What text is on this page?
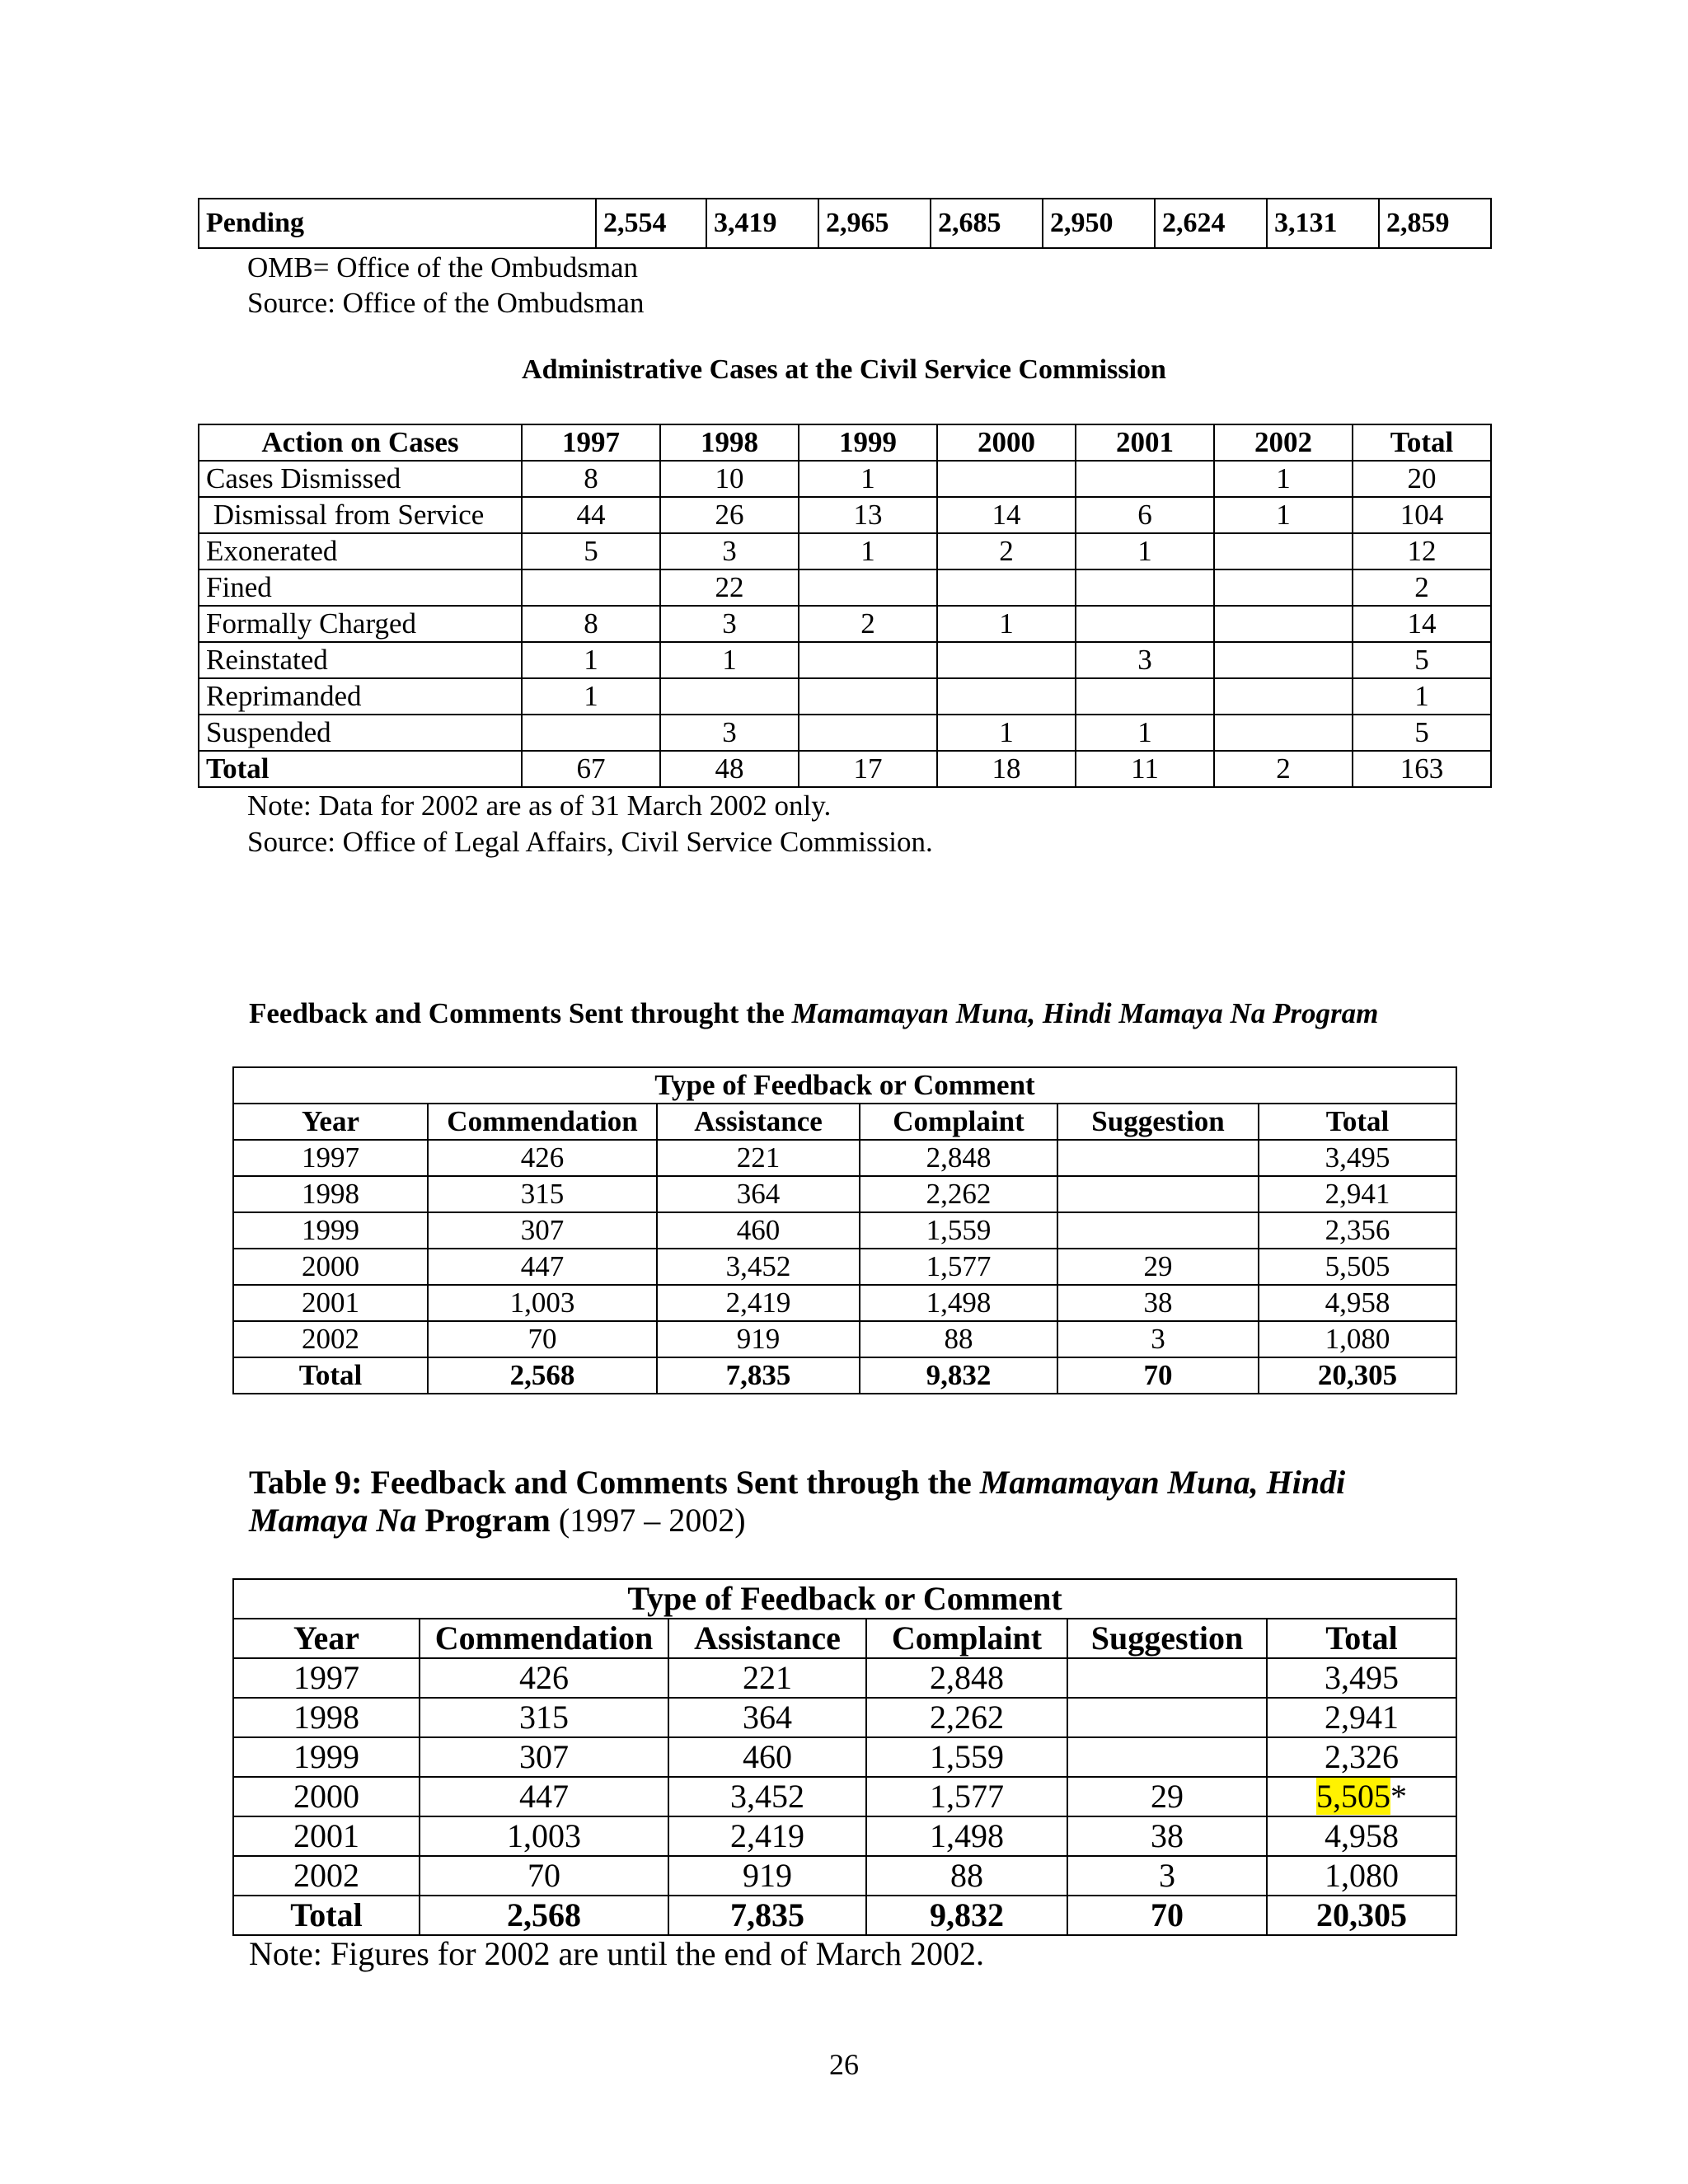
Pending	2,554	3,419	2,965	2,685	2,950	2,624	3,131	2,859
OMB= Office of the Ombudsman
Source: Office of the Ombudsman
Administrative Cases at the Civil Service Commission
Action on Cases	1997	1998	1999	2000	2001	2002	Total
Cases Dismissed	8	10	1			1	20
Dismissal from Service	44	26	13	14	6	1	104
Exonerated	5	3	1	2	1		12
Fined		22					2
Formally Charged	8	3	2	1			14
Reinstated	1	1			3		5
Reprimanded	1						1
Suspended		3		1	1		5
Total	67	48	17	18	11	2	163
Note: Data for 2002 are as of 31 March 2002 only.
Source: Office of Legal Affairs, Civil Service Commission.
Feedback and Comments Sent throught the Mamamayan Muna, Hindi Mamaya Na Program
Type of Feedback or Comment					
Year	Commendation	Assistance	Complaint	Suggestion	Total
1997	426	221	2,848		3,495
1998	315	364	2,262		2,941
1999	307	460	1,559		2,356
2000	447	3,452	1,577	29	5,505
2001	1,003	2,419	1,498	38	4,958
2002	70	919	88	3	1,080
Total	2,568	7,835	9,832	70	20,305
Table 9: Feedback and Comments Sent through the Mamamayan Muna, Hindi
Mamaya Na Program (1997 – 2002)
Type of Feedback or Comment					
Year	Commendation	Assistance	Complaint	Suggestion	Total
1997	426	221	2,848		3,495
1998	315	364	2,262		2,941
1999	307	460	1,559		2,326
2000	447	3,452	1,577	29	5,505*
2001	1,003	2,419	1,498	38	4,958
2002	70	919	88	3	1,080
Total	2,568	7,835	9,832	70	20,305
Note: Figures for 2002 are until the end of March 2002.
26
